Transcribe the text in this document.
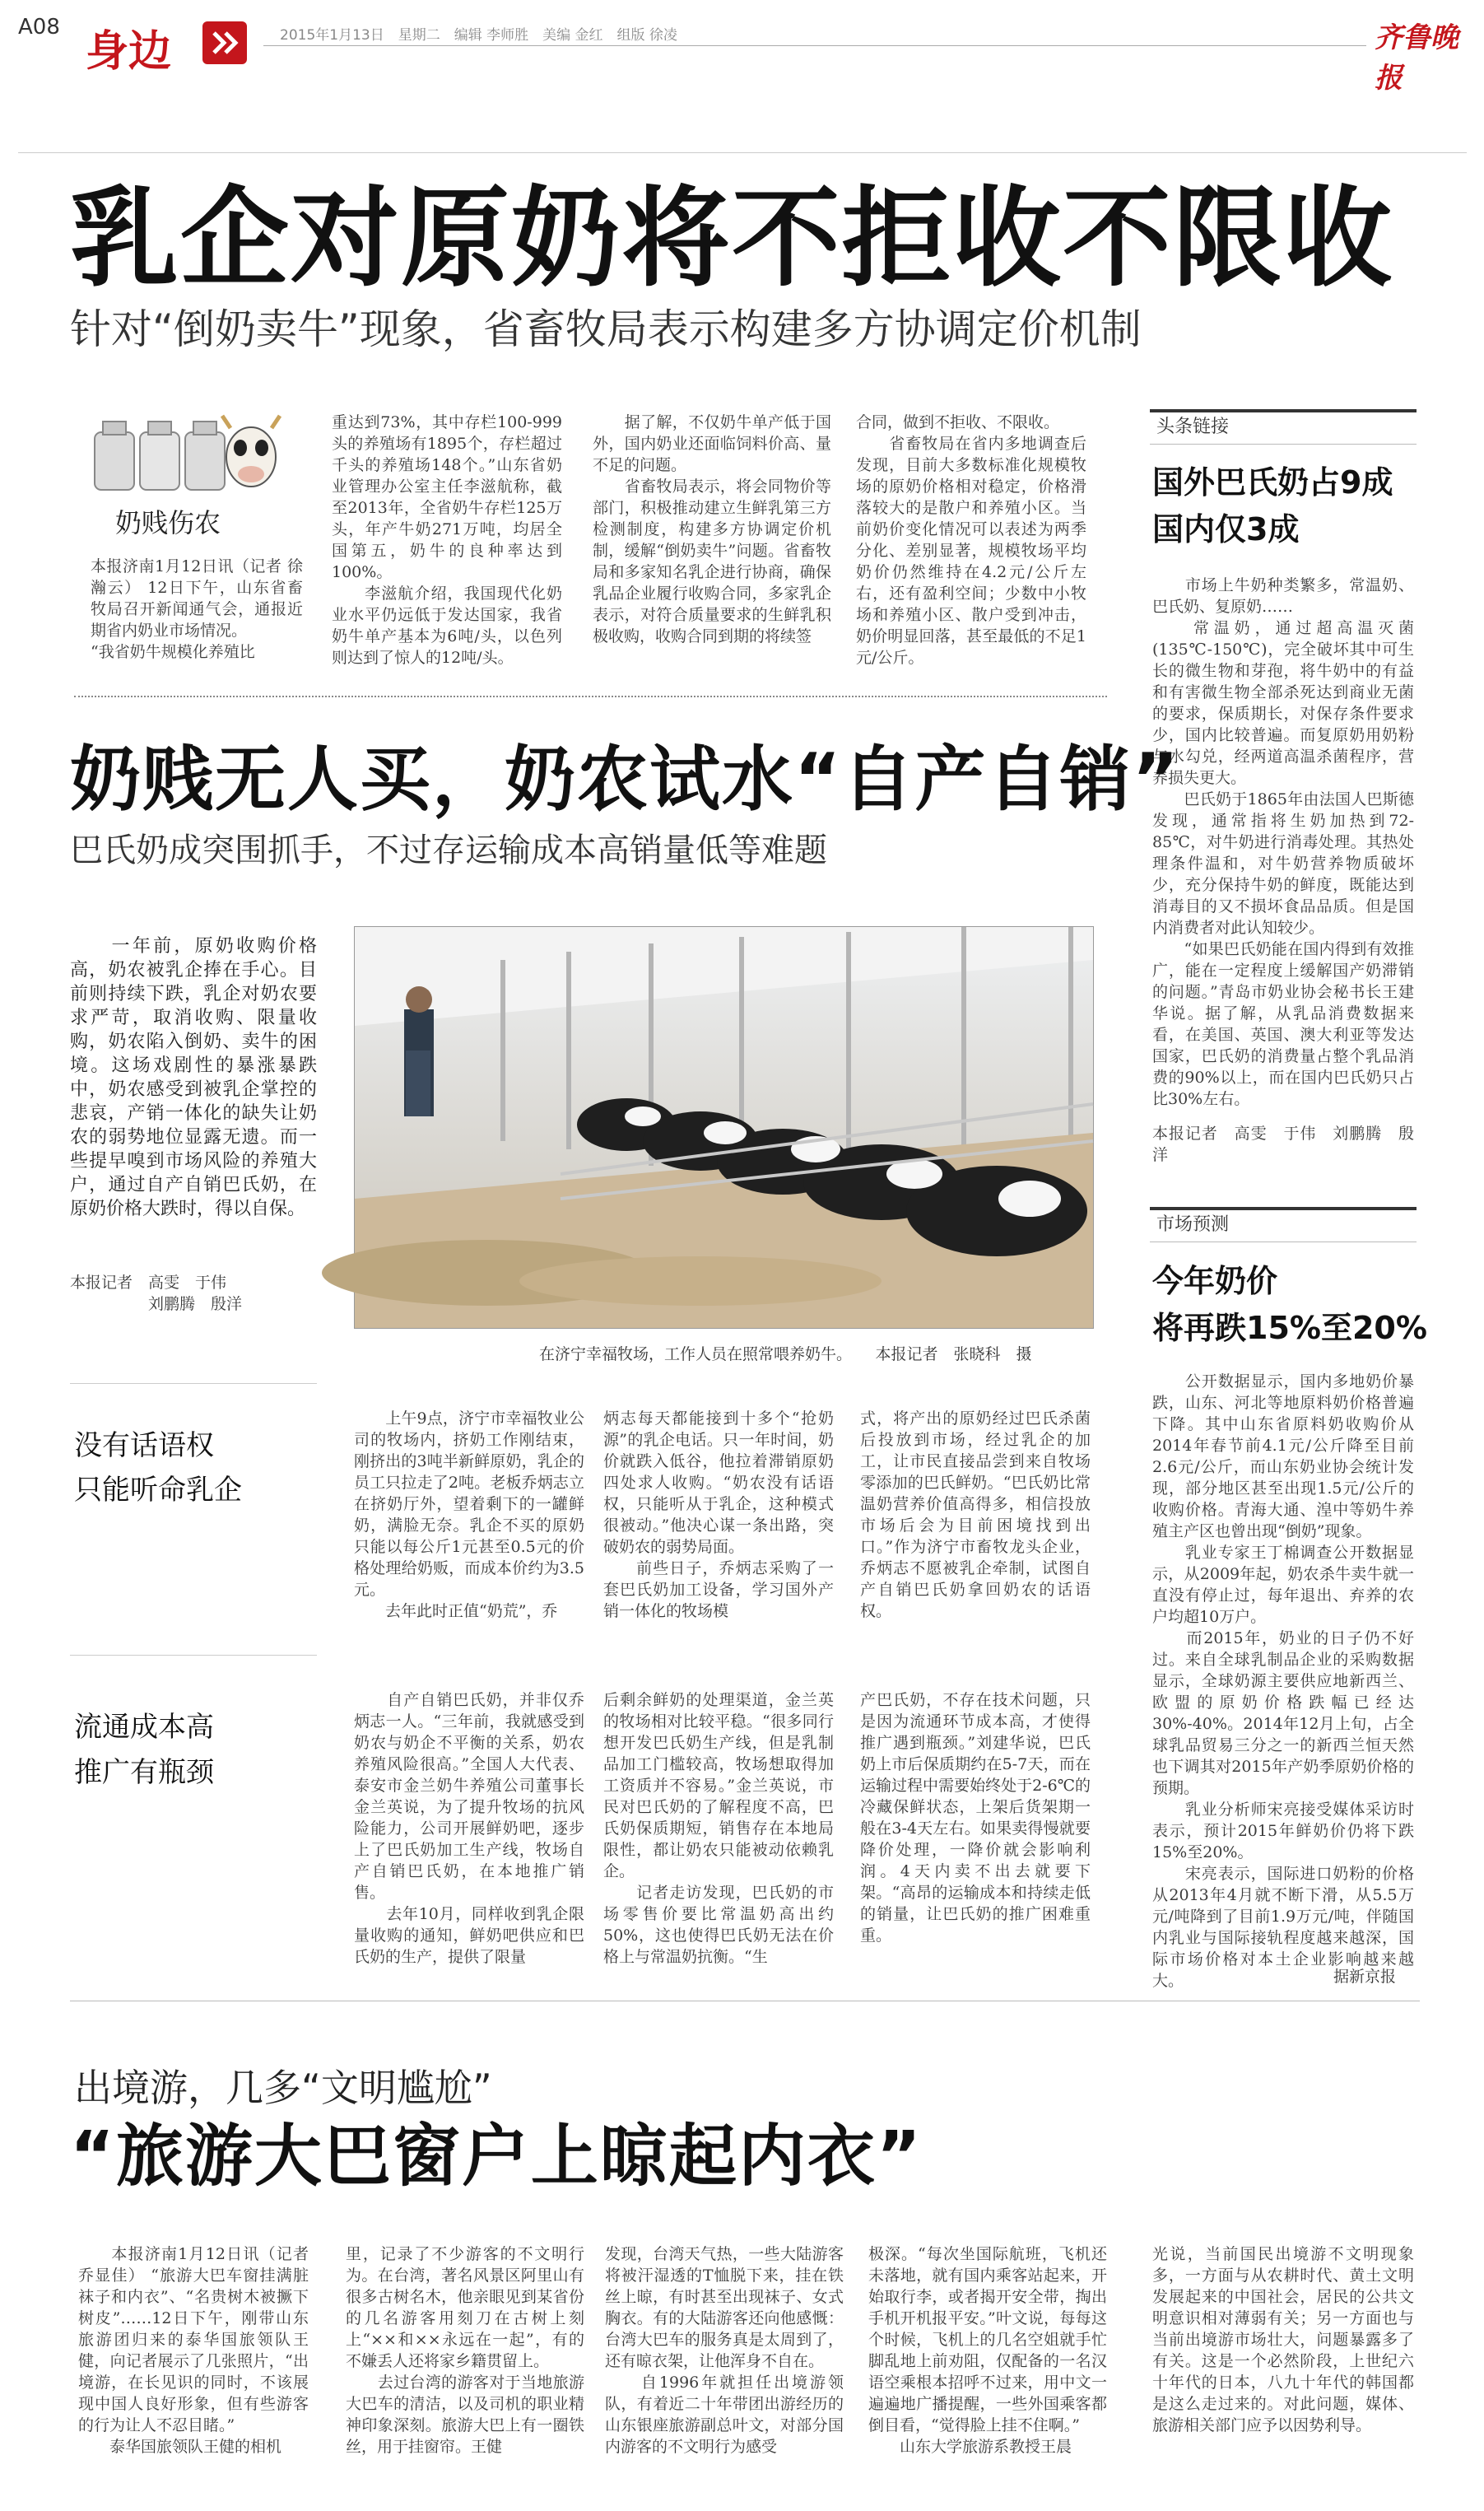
A08 身边	2015年1月13日　星期二　编辑 李师胜　美编 金红　组版 徐凌	齐鲁晚报
乳企对原奶将不拒收不限收
针对“倒奶卖牛”现象，省畜牧局表示构建多方协调定价机制
奶贱伤农
本报济南1月12日讯（记者 徐瀚云） 12日下午，山东省畜牧局召开新闻通气会，通报近期省内奶业市场情况。
“我省奶牛规模化养殖比
重达到73%，其中存栏100-999头的养殖场有1895个，存栏超过千头的养殖场148个。”山东省奶业管理办公室主任李滋航称，截至2013年，全省奶牛存栏125万头，年产牛奶271万吨，均居全国第五，奶牛的良种率达到100%。
　　李滋航介绍，我国现代化奶业水平仍远低于发达国家，我省奶牛单产基本为6吨/头，以色列则达到了惊人的12吨/头。
　　据了解，不仅奶牛单产低于国外，国内奶业还面临饲料价高、量不足的问题。
　　省畜牧局表示，将会同物价等部门，积极推动建立生鲜乳第三方检测制度，构建多方协调定价机制，缓解“倒奶卖牛”问题。省畜牧局和多家知名乳企进行协商，确保乳品企业履行收购合同，多家乳企表示，对符合质量要求的生鲜乳积极收购，收购合同到期的将续签
合同，做到不拒收、不限收。
　　省畜牧局在省内多地调查后发现，目前大多数标准化规模牧场的原奶价格相对稳定，价格滑落较大的是散户和养殖小区。当前奶价变化情况可以表述为两季分化、差别显著，规模牧场平均奶价仍然维持在4.2元/公斤左右，还有盈利空间；少数中小牧场和养殖小区、散户受到冲击，奶价明显回落，甚至最低的不足1元/公斤。
头条链接
国外巴氏奶占9成
国内仅3成
　　市场上牛奶种类繁多，常温奶、巴氏奶、复原奶……
　　常温奶，通过超高温灭菌(135℃-150℃)，完全破坏其中可生长的微生物和芽孢，将牛奶中的有益和有害微生物全部杀死达到商业无菌的要求，保质期长，对保存条件要求少，国内比较普遍。而复原奶用奶粉与水勾兑，经两道高温杀菌程序，营养损失更大。
　　巴氏奶于1865年由法国人巴斯德发现，通常指将生奶加热到72-85℃，对牛奶进行消毒处理。其热处理条件温和，对牛奶营养物质破坏少，充分保持牛奶的鲜度，既能达到消毒目的又不损坏食品品质。但是国内消费者对此认知较少。
　　“如果巴氏奶能在国内得到有效推广，能在一定程度上缓解国产奶滞销的问题。”青岛市奶业协会秘书长王建华说。据了解，从乳品消费数据来看，在美国、英国、澳大利亚等发达国家，巴氏奶的消费量占整个乳品消费的90%以上，而在国内巴氏奶只占比30%左右。
本报记者　高雯　于伟　刘鹏腾　殷洋
奶贱无人买，奶农试水“自产自销”
巴氏奶成突围抓手，不过存运输成本高销量低等难题
　　一年前，原奶收购价格高，奶农被乳企捧在手心。目前则持续下跌，乳企对奶农要求严苛，取消收购、限量收购，奶农陷入倒奶、卖牛的困境。这场戏剧性的暴涨暴跌中，奶农感受到被乳企掌控的悲哀，产销一体化的缺失让奶农的弱势地位显露无遗。而一些提早嗅到市场风险的养殖大户，通过自产自销巴氏奶，在原奶价格大跌时，得以自保。
本报记者　高雯　于伟
　　　　　刘鹏腾　殷洋
在济宁幸福牧场，工作人员在照常喂养奶牛。　　本报记者　张晓科　摄
没有话语权
只能听命乳企
　　上午9点，济宁市幸福牧业公司的牧场内，挤奶工作刚结束，刚挤出的3吨半新鲜原奶，乳企的员工只拉走了2吨。老板乔炳志立在挤奶厅外，望着剩下的一罐鲜奶，满脸无奈。乳企不买的原奶只能以每公斤1元甚至0.5元的价格处理给奶贩，而成本价约为3.5元。
　　去年此时正值“奶荒”，乔
炳志每天都能接到十多个“抢奶源”的乳企电话。只一年时间，奶价就跌入低谷，他拉着滞销原奶四处求人收购。“奶农没有话语权，只能听从于乳企，这种模式很被动。”他决心谋一条出路，突破奶农的弱势局面。
　　前些日子，乔炳志采购了一套巴氏奶加工设备，学习国外产销一体化的牧场模
式，将产出的原奶经过巴氏杀菌后投放到市场，经过乳企的加工，让市民直接品尝到来自牧场零添加的巴氏鲜奶。“巴氏奶比常温奶营养价值高得多，相信投放市场后会为目前困境找到出口。”作为济宁市畜牧龙头企业，乔炳志不愿被乳企牵制，试图自产自销巴氏奶拿回奶农的话语权。
流通成本高
推广有瓶颈
　　自产自销巴氏奶，并非仅乔炳志一人。“三年前，我就感受到奶农与奶企不平衡的关系，奶农养殖风险很高。”全国人大代表、泰安市金兰奶牛养殖公司董事长金兰英说，为了提升牧场的抗风险能力，公司开展鲜奶吧，逐步上了巴氏奶加工生产线，牧场自产自销巴氏奶，在本地推广销售。
　　去年10月，同样收到乳企限量收购的通知，鲜奶吧供应和巴氏奶的生产，提供了限量
后剩余鲜奶的处理渠道，金兰英的牧场相对比较平稳。“很多同行想开发巴氏奶生产线，但是乳制品加工门槛较高，牧场想取得加工资质并不容易。”金兰英说，市民对巴氏奶的了解程度不高，巴氏奶保质期短，销售存在本地局限性，都让奶农只能被动依赖乳企。
　　记者走访发现，巴氏奶的市场零售价要比常温奶高出约50%，这也使得巴氏奶无法在价格上与常温奶抗衡。“生
产巴氏奶，不存在技术问题，只是因为流通环节成本高，才使得推广遇到瓶颈。”刘建华说，巴氏奶上市后保质期约在5-7天，而在运输过程中需要始终处于2-6℃的冷藏保鲜状态，上架后货架期一般在3-4天左右。如果卖得慢就要降价处理，一降价就会影响利润。4天内卖不出去就要下架。“高昂的运输成本和持续走低的销量，让巴氏奶的推广困难重重。
市场预测
今年奶价
将再跌15%至20%
　　公开数据显示，国内多地奶价暴跌，山东、河北等地原料奶价格普遍下降。其中山东省原料奶收购价从2014年春节前4.1元/公斤降至目前2.6元/公斤，而山东奶业协会统计发现，部分地区甚至出现1.5元/公斤的收购价格。青海大通、湟中等奶牛养殖主产区也曾出现“倒奶”现象。
　　乳业专家王丁棉调查公开数据显示，从2009年起，奶农杀牛卖牛就一直没有停止过，每年退出、弃养的农户均超10万户。
　　而2015年，奶业的日子仍不好过。来自全球乳制品企业的采购数据显示，全球奶源主要供应地新西兰、欧盟的原奶价格跌幅已经达30%-40%。2014年12月上旬，占全球乳品贸易三分之一的新西兰恒天然也下调其对2015年产奶季原奶价格的预期。
　　乳业分析师宋亮接受媒体采访时表示，预计2015年鲜奶价仍将下跌15%至20%。
　　宋亮表示，国际进口奶粉的价格从2013年4月就不断下滑，从5.5万元/吨降到了目前1.9万元/吨，伴随国内乳业与国际接轨程度越来越深，国际市场价格对本土企业影响越来越大。	据新京报
出境游，几多“文明尴尬”
“旅游大巴窗户上晾起内衣”
　　本报济南1月12日讯（记者 乔显佳） “旅游大巴车窗挂满脏袜子和内衣”、“名贵树木被撅下树皮”……12日下午，刚带山东旅游团归来的泰华国旅领队王健，向记者展示了几张照片，“出境游，在长见识的同时，不该展现中国人良好形象，但有些游客的行为让人不忍目睹。”
　　泰华国旅领队王健的相机
里，记录了不少游客的不文明行为。在台湾，著名风景区阿里山有很多古树名木，他亲眼见到某省份的几名游客用刻刀在古树上刻上“××和××永远在一起”，有的不嫌丢人还将家乡籍贯留上。
　　去过台湾的游客对于当地旅游大巴车的清洁，以及司机的职业精神印象深刻。旅游大巴上有一圈铁丝，用于挂窗帘。王健
发现，台湾天气热，一些大陆游客将被汗湿透的T恤脱下来，挂在铁丝上晾，有时甚至出现袜子、女式胸衣。有的大陆游客还向他感慨：台湾大巴车的服务真是太周到了，还有晾衣架，让他浑身不自在。
　　自1996年就担任出境游领队，有着近二十年带团出游经历的山东银座旅游副总叶文，对部分国内游客的不文明行为感受
极深。“每次坐国际航班，飞机还未落地，就有国内乘客站起来，开始取行李，或者揭开安全带，掏出手机开机报平安。”叶文说，每每这个时候，飞机上的几名空姐就手忙脚乱地上前劝阻，仅配备的一名汉语空乘根本招呼不过来，用中文一遍遍地广播提醒，一些外国乘客都倒目看，“觉得脸上挂不住啊。”
　　山东大学旅游系教授王晨
光说，当前国民出境游不文明现象多，一方面与从农耕时代、黄土文明发展起来的中国社会，居民的公共文明意识相对薄弱有关；另一方面也与当前出境游市场壮大，问题暴露多了有关。这是一个必然阶段，上世纪六十年代的日本，八九十年代的韩国都是这么走过来的。对此问题，媒体、旅游相关部门应予以因势利导。
